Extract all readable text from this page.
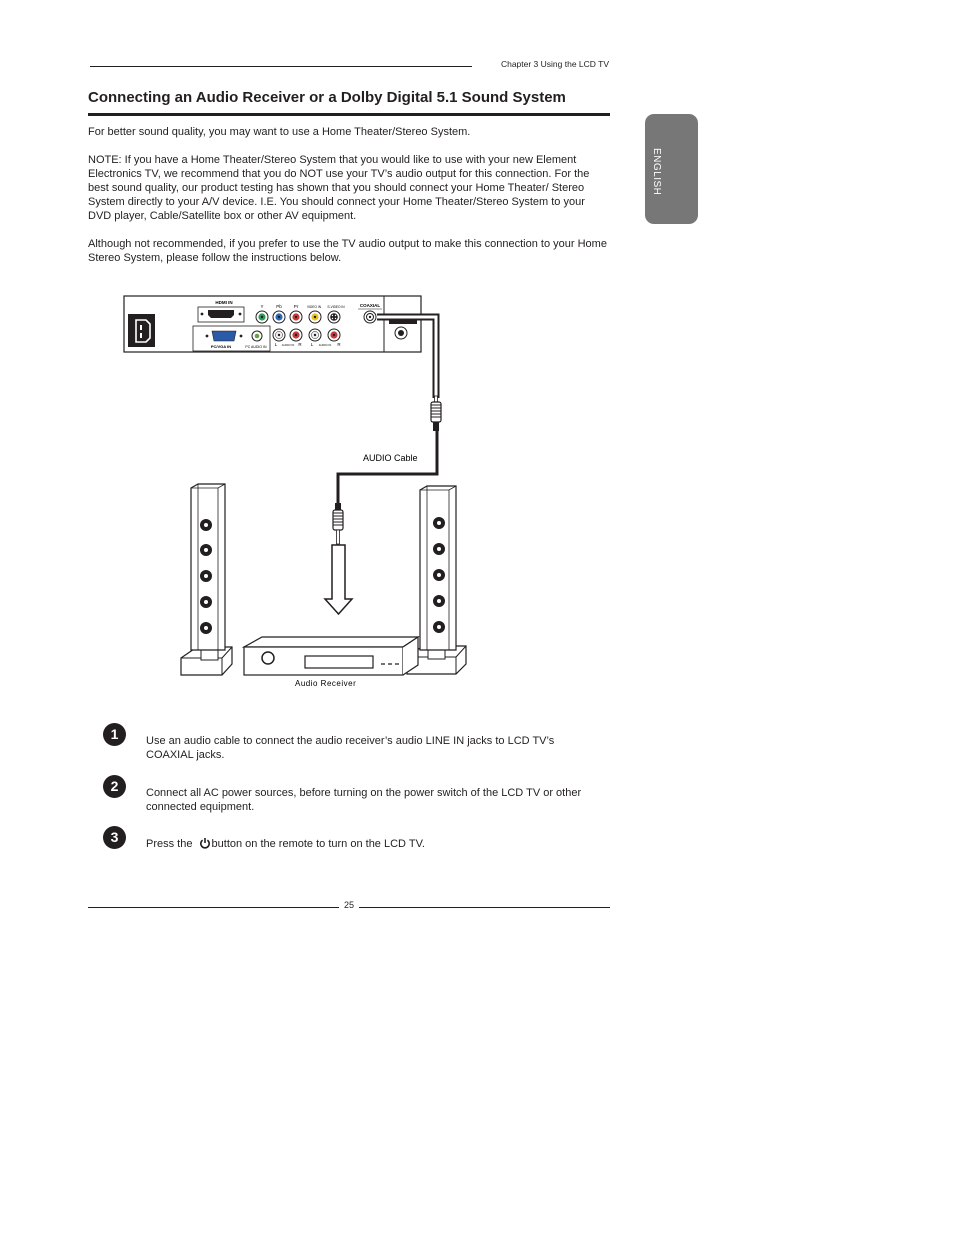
Chapter 3 Using the LCD TV
ENGLISH
Connecting an Audio Receiver or a Dolby Digital 5.1 Sound System

For better sound quality, you may want to use a Home Theater/Stereo System.

NOTE: If you have a Home Theater/Stereo System that you would like to use with your new Element Electronics TV, we recommend that you do NOT use your TV’s audio output for this connection. For the best sound quality, our product testing has shown that you should connect your Home Theater/ Stereo System directly to your A/V device. I.E. You should connect your Home Theater/Stereo System to your DVD player, Cable/Satellite box or other AV equipment.

Although not recommended, if you prefer to use the TV audio output to make this connection to your Home Stereo System, please follow the instructions below.

HDMI IN
PC/VGA IN	PC AUDIO IN
Y	Pb	Pr
L AUDIO IN R
VIDEO IN S-VIDEO IN
L AUDIO IN R
COAXIAL
AUDIO Cable
Audio Receiver
1	Use an audio cable to connect the audio receiver’s audio LINE IN jacks to LCD TV’s COAXIAL jacks.

2	Connect all AC power sources, before turning on the power switch of the LCD TV or other connected equipment.

3	Press the button on the remote to turn on the LCD TV.

25
